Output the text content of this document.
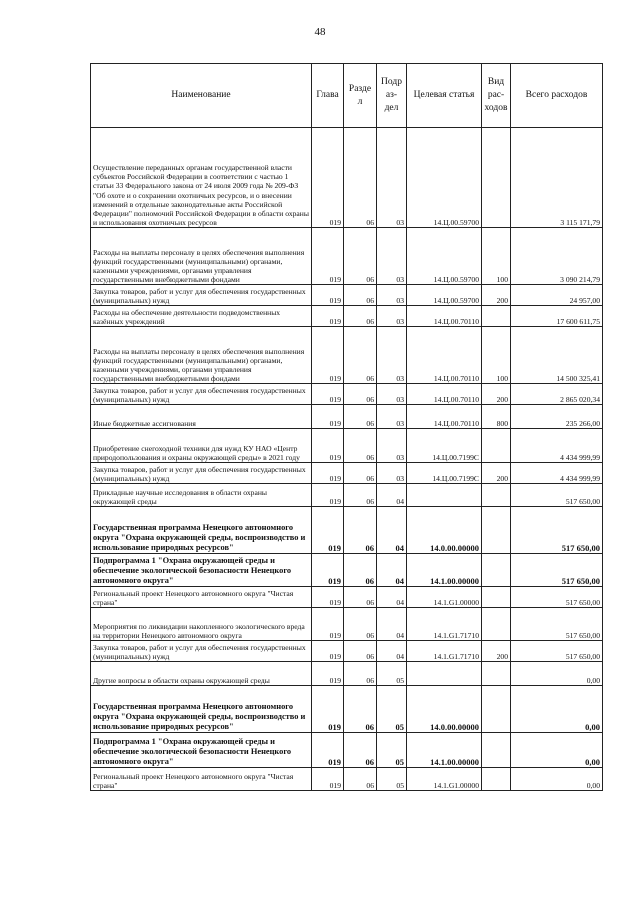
48
Наименование	Глава	Разде л	Подр аз- дел	Целевая статья	Вид рас- ходов	Всего расходов
Осуществление переданных органам государственной власти субъектов Российской Федерации в соответствии с частью 1 статьи 33 Федерального закона от 24 июля 2009 года № 209-ФЗ "Об охоте и о сохранении охотничьих ресурсов, и о внесении изменений в отдельные законодательные акты Российской Федерации" полномочий Российской Федерации в области охраны и использования охотничьих ресурсов	019	06	03	14.Ц.00.59700		3 115 171,79
Расходы на выплаты персоналу в целях обеспечения выполнения функций государственными (муниципальными) органами, казенными учреждениями, органами управления государственными внебюджетными фондами	019	06	03	14.Ц.00.59700	100	3 090 214,79
Закупка товаров, работ и услуг для обеспечения государственных (муниципальных) нужд	019	06	03	14.Ц.00.59700	200	24 957,00
Расходы на обеспечение деятельности подведомственных казённых учреждений	019	06	03	14.Ц.00.70110		17 600 611,75
Расходы на выплаты персоналу в целях обеспечения выполнения функций государственными (муниципальными) органами, казенными учреждениями, органами управления государственными внебюджетными фондами	019	06	03	14.Ц.00.70110	100	14 500 325,41
Закупка товаров, работ и услуг для обеспечения государственных (муниципальных) нужд	019	06	03	14.Ц.00.70110	200	2 865 020,34
Иные бюджетные ассигнования	019	06	03	14.Ц.00.70110	800	235 266,00
Приобретение снегоходной техники для нужд КУ НАО «Центр природопользования и охраны окружающей среды» в 2021 году	019	06	03	14.Ц.00.7199С		4 434 999,99
Закупка товаров, работ и услуг для обеспечения государственных (муниципальных) нужд	019	06	03	14.Ц.00.7199С	200	4 434 999,99
Прикладные научные исследования в области охраны окружающей среды	019	06	04			517 650,00
Государственная программа Ненецкого автономного округа "Охрана окружающей среды, воспроизводство и использование природных ресурсов"	019	06	04	14.0.00.00000		517 650,00
Подпрограмма 1 "Охрана окружающей среды и обеспечение экологической безопасности Ненецкого автономного округа"	019	06	04	14.1.00.00000		517 650,00
Региональный проект Ненецкого автономного округа "Чистая страна"	019	06	04	14.1.G1.00000		517 650,00
Мероприятия по ликвидации накопленного экологического вреда на территории Ненецкого автономного округа	019	06	04	14.1.G1.71710		517 650,00
Закупка товаров, работ и услуг для обеспечения государственных (муниципальных) нужд	019	06	04	14.1.G1.71710	200	517 650,00
Другие вопросы в области охраны окружающей среды	019	06	05			0,00
Государственная программа Ненецкого автономного округа "Охрана окружающей среды, воспроизводство и использование природных ресурсов"	019	06	05	14.0.00.00000		0,00
Подпрограмма 1 "Охрана окружающей среды и обеспечение экологической безопасности Ненецкого автономного округа"	019	06	05	14.1.00.00000		0,00
Региональный проект Ненецкого автономного округа "Чистая страна"	019	06	05	14.1.G1.00000		0,00
